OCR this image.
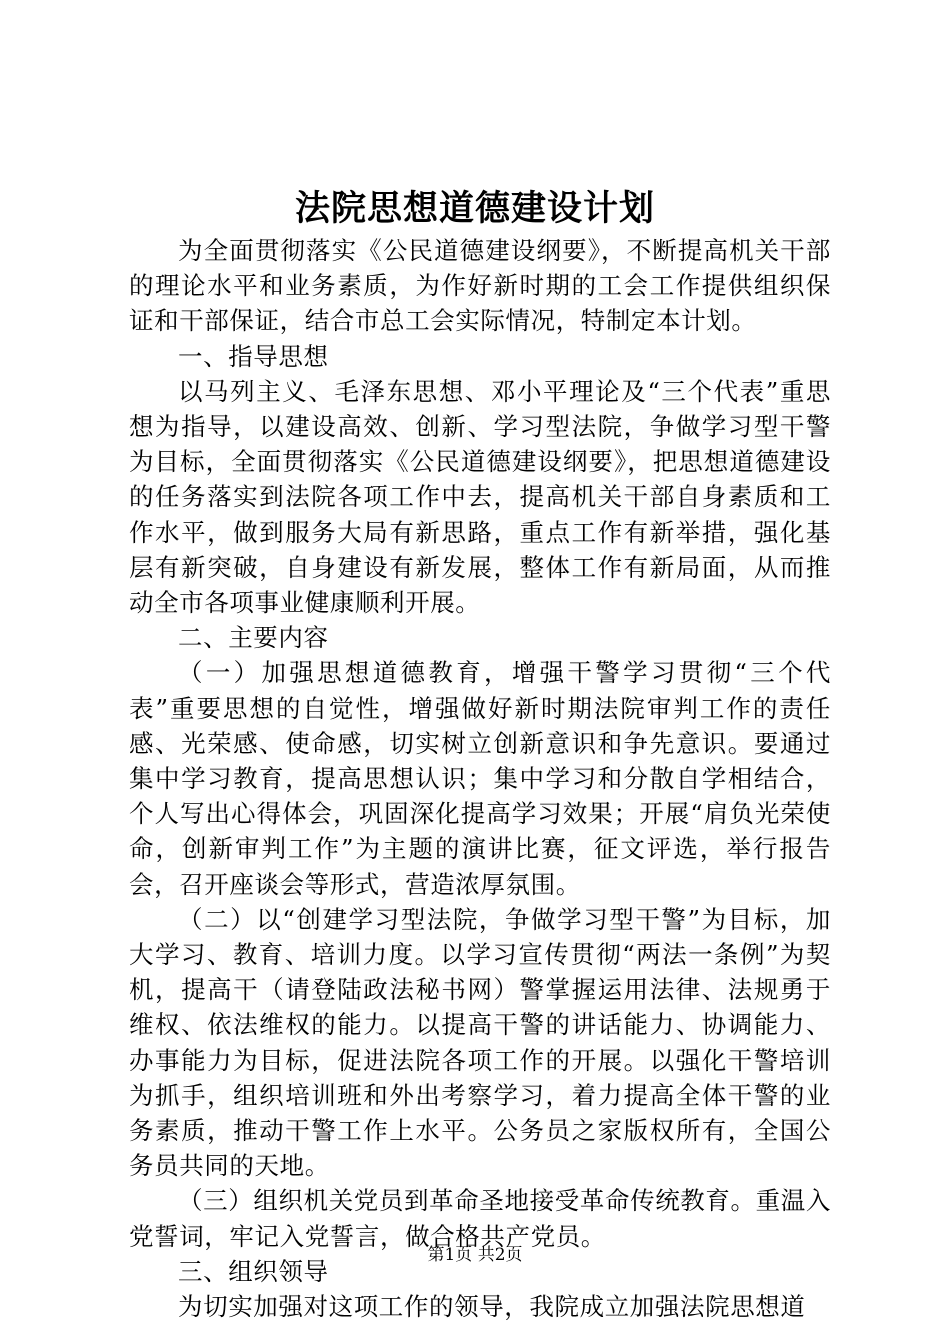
法院思想道德建设计划

为全面贯彻落实《公民道德建设纲要》，不断提高机关干部的理论水平和业务素质，为作好新时期的工会工作提供组织保证和干部保证，结合市总工会实际情况，特制定本计划。

一、指导思想

以马列主义、毛泽东思想、邓小平理论及“三个代表”重思想为指导，以建设高效、创新、学习型法院，争做学习型干警为目标，全面贯彻落实《公民道德建设纲要》，把思想道德建设的任务落实到法院各项工作中去，提高机关干部自身素质和工作水平，做到服务大局有新思路，重点工作有新举措，强化基层有新突破，自身建设有新发展，整体工作有新局面，从而推动全市各项事业健康顺利开展。

二、主要内容

（一）加强思想道德教育，增强干警学习贯彻“三个代表”重要思想的自觉性，增强做好新时期法院审判工作的责任感、光荣感、使命感，切实树立创新意识和争先意识。要通过集中学习教育，提高思想认识；集中学习和分散自学相结合，个人写出心得体会，巩固深化提高学习效果；开展“肩负光荣使命，创新审判工作”为主题的演讲比赛，征文评选，举行报告会，召开座谈会等形式，营造浓厚氛围。

（二）以“创建学习型法院，争做学习型干警”为目标，加大学习、教育、培训力度。以学习宣传贯彻“两法一条例”为契机，提高干（请登陆政法秘书网）警掌握运用法律、法规勇于维权、依法维权的能力。以提高干警的讲话能力、协调能力、办事能力为目标，促进法院各项工作的开展。以强化干警培训为抓手，组织培训班和外出考察学习，着力提高全体干警的业务素质，推动干警工作上水平。公务员之家版权所有，全国公务员共同的天地。

（三）组织机关党员到革命圣地接受革命传统教育。重温入党誓词，牢记入党誓言，做合格共产党员。

三、组织领导

为切实加强对这项工作的领导，我院成立加强法院思想道

第1页 共2页
